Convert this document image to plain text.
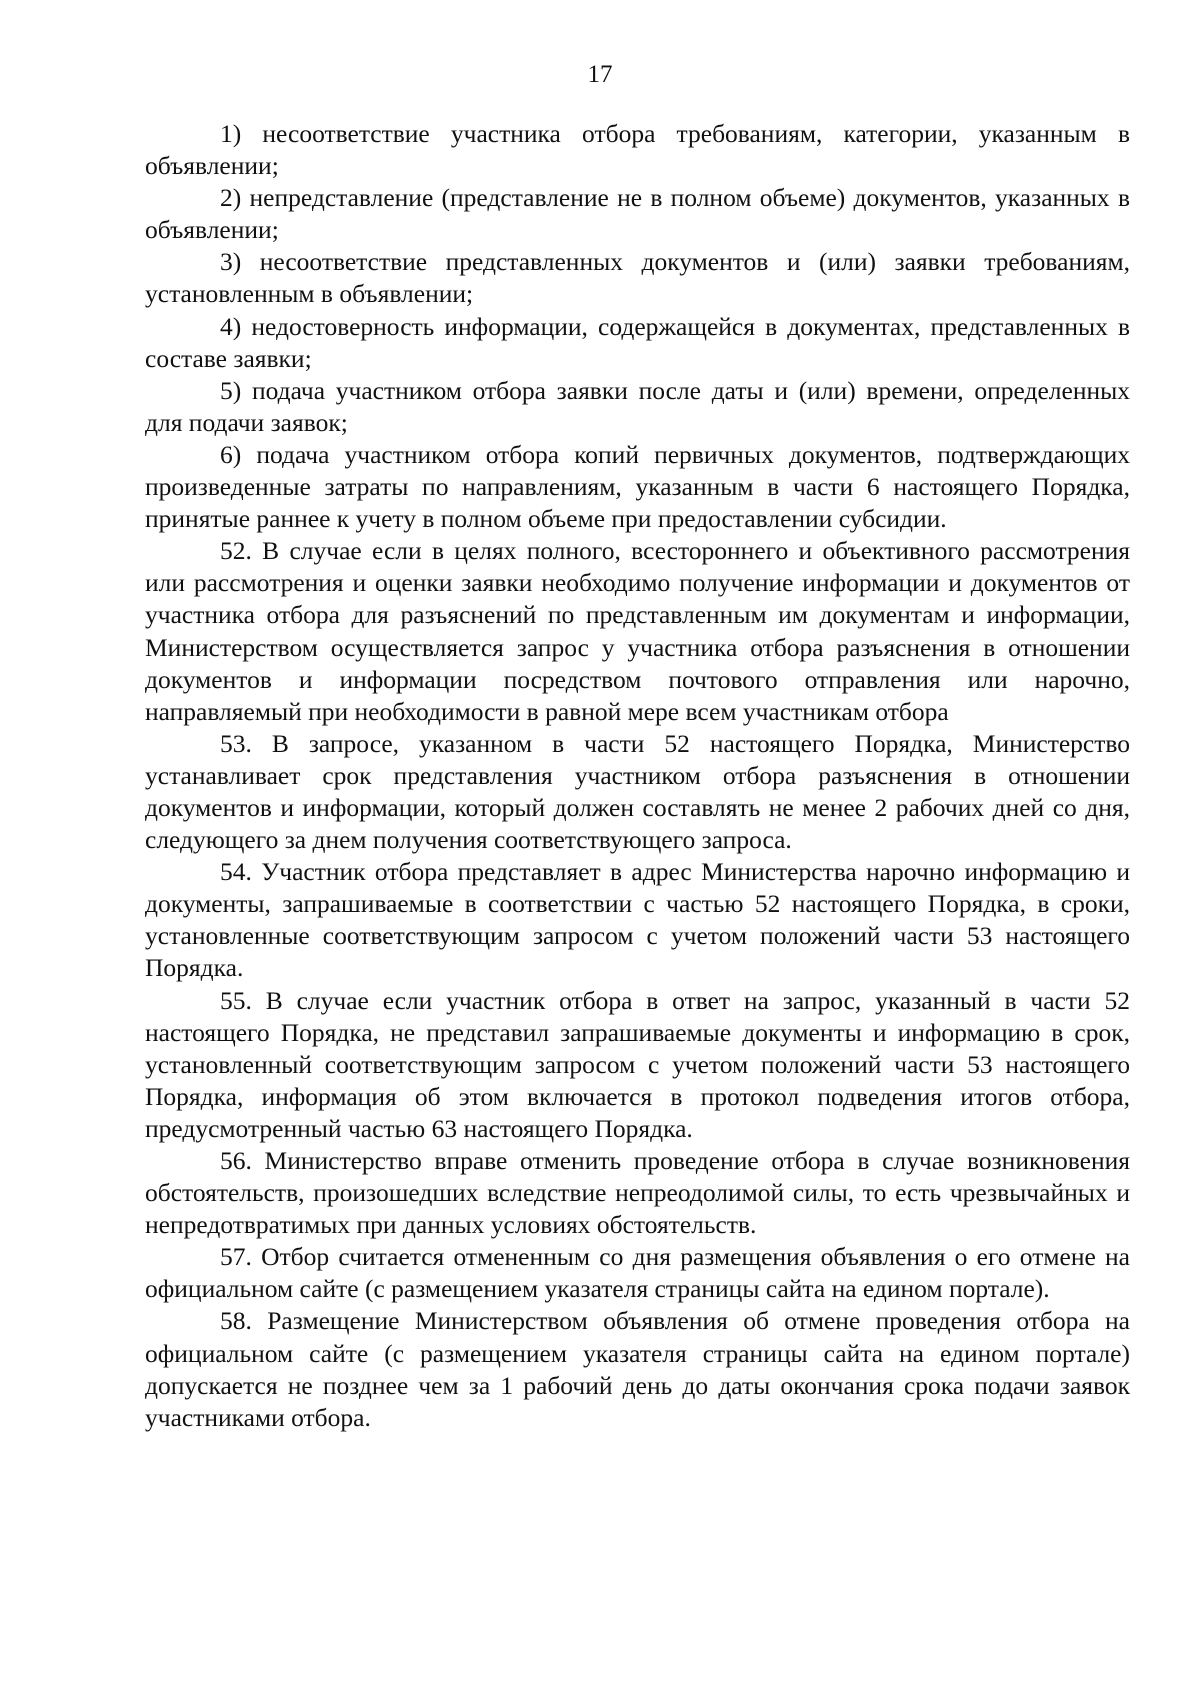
17

1) несоответствие участника отбора требованиям, категории, указанным в объявлении;

2) непредставление (представление не в полном объеме) документов, указанных в объявлении;

3) несоответствие представленных документов и (или) заявки требованиям, установленным в объявлении;

4) недостоверность информации, содержащейся в документах, представленных в составе заявки;

5) подача участником отбора заявки после даты и (или) времени, определенных для подачи заявок;

6) подача участником отбора копий первичных документов, подтверждающих произведенные затраты по направлениям, указанным в части 6 настоящего Порядка, принятые раннее к учету в полном объеме при предоставлении субсидии.

52. В случае если в целях полного, всестороннего и объективного рассмотрения или рассмотрения и оценки заявки необходимо получение информации и документов от участника отбора для разъяснений по представленным им документам и информации, Министерством осуществляется запрос у участника отбора разъяснения в отношении документов и информации посредством почтового отправления или нарочно, направляемый при необходимости в равной мере всем участникам отбора

53. В запросе, указанном в части 52 настоящего Порядка, Министерство устанавливает срок представления участником отбора разъяснения в отношении документов и информации, который должен составлять не менее 2 рабочих дней со дня, следующего за днем получения соответствующего запроса.

54. Участник отбора представляет в адрес Министерства нарочно информацию и документы, запрашиваемые в соответствии с частью 52 настоящего Порядка, в сроки, установленные соответствующим запросом с учетом положений части 53 настоящего Порядка.

55. В случае если участник отбора в ответ на запрос, указанный в части 52 настоящего Порядка, не представил запрашиваемые документы и информацию в срок, установленный соответствующим запросом с учетом положений части 53 настоящего Порядка, информация об этом включается в протокол подведения итогов отбора, предусмотренный частью 63 настоящего Порядка.

56. Министерство вправе отменить проведение отбора в случае возникновения обстоятельств, произошедших вследствие непреодолимой силы, то есть чрезвычайных и непредотвратимых при данных условиях обстоятельств.

57. Отбор считается отмененным со дня размещения объявления о его отмене на официальном сайте (с размещением указателя страницы сайта на едином портале).

58. Размещение Министерством объявления об отмене проведения отбора на официальном сайте (с размещением указателя страницы сайта на едином портале) допускается не позднее чем за 1 рабочий день до даты окончания срока подачи заявок участниками отбора.
